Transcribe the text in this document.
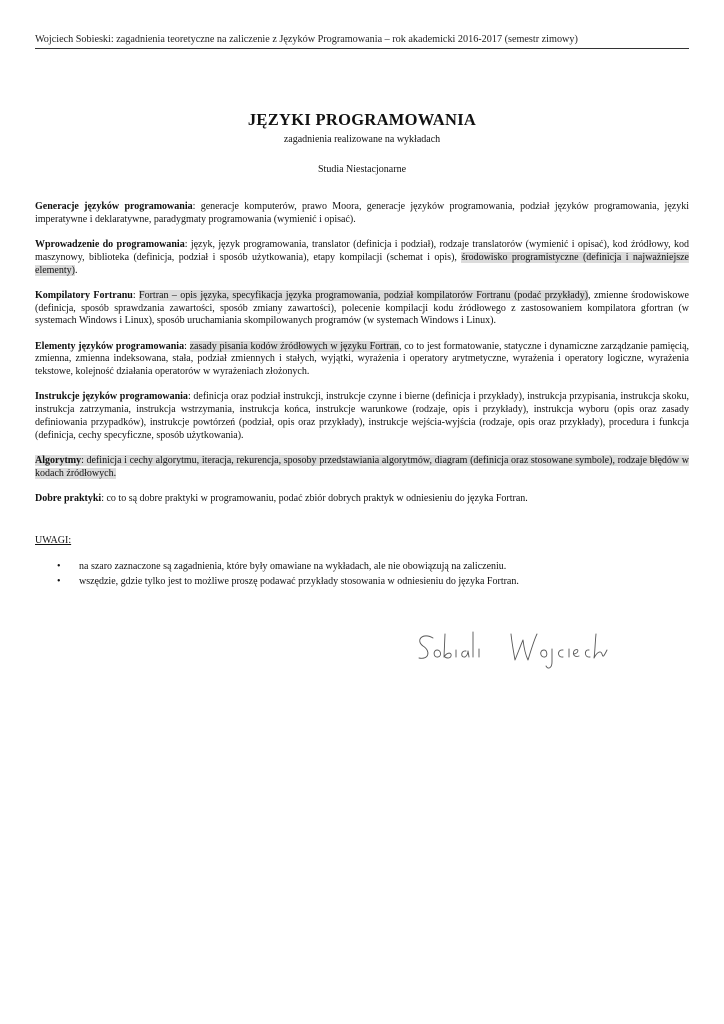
Wojciech Sobieski: zagadnienia teoretyczne na zaliczenie z Języków Programowania – rok akademicki 2016-2017 (semestr zimowy)
JĘZYKI PROGRAMOWANIA
zagadnienia realizowane na wykładach
Studia Niestacjonarne

Generacje języków programowania: generacje komputerów, prawo Moora, generacje języków programowania, podział języków programowania, języki imperatywne i deklaratywne, paradygmaty programowania (wymienić i opisać).

Wprowadzenie do programowania: język, język programowania, translator (definicja i podział), rodzaje translatorów (wymienić i opisać), kod źródłowy, kod maszynowy, biblioteka (definicja, podział i sposób użytkowania), etapy kompilacji (schemat i opis), środowisko programistyczne (definicja i najważniejsze elementy).

Kompilatory Fortranu: Fortran – opis języka, specyfikacja języka programowania, podział kompilatorów Fortranu (podać przykłady), zmienne środowiskowe (definicja, sposób sprawdzania zawartości, sposób zmiany zawartości), polecenie kompilacji kodu źródłowego z zastosowaniem kompilatora gfortran (w systemach Windows i Linux), sposób uruchamiania skompilowanych programów (w systemach Windows i Linux).

Elementy języków programowania: zasady pisania kodów źródłowych w języku Fortran, co to jest formatowanie, statyczne i dynamiczne zarządzanie pamięcią, zmienna, zmienna indeksowana, stała, podział zmiennych i stałych, wyjątki, wyrażenia i operatory arytmetyczne, wyrażenia i operatory logiczne, wyrażenia tekstowe, kolejność działania operatorów w wyrażeniach złożonych.

Instrukcje języków programowania: definicja oraz podział instrukcji, instrukcje czynne i bierne (definicja i przykłady), instrukcja przypisania, instrukcja skoku, instrukcja zatrzymania, instrukcja wstrzymania, instrukcja końca, instrukcje warunkowe (rodzaje, opis i przykłady), instrukcja wyboru (opis oraz zasady definiowania przypadków), instrukcje powtórzeń (podział, opis oraz przykłady), instrukcje wejścia-wyjścia (rodzaje, opis oraz przykłady), procedura i funkcja (definicja, cechy specyficzne, sposób użytkowania).

Algorytmy: definicja i cechy algorytmu, iteracja, rekurencja, sposoby przedstawiania algorytmów, diagram (definicja oraz stosowane symbole), rodzaje błędów w kodach źródłowych.

Dobre praktyki: co to są dobre praktyki w programowaniu, podać zbiór dobrych praktyk w odniesieniu do języka Fortran.

UWAGI:
• na szaro zaznaczone są zagadnienia, które były omawiane na wykładach, ale nie obowiązują na zaliczeniu.
• wszędzie, gdzie tylko jest to możliwe proszę podawać przykłady stosowania w odniesieniu do języka Fortran.
